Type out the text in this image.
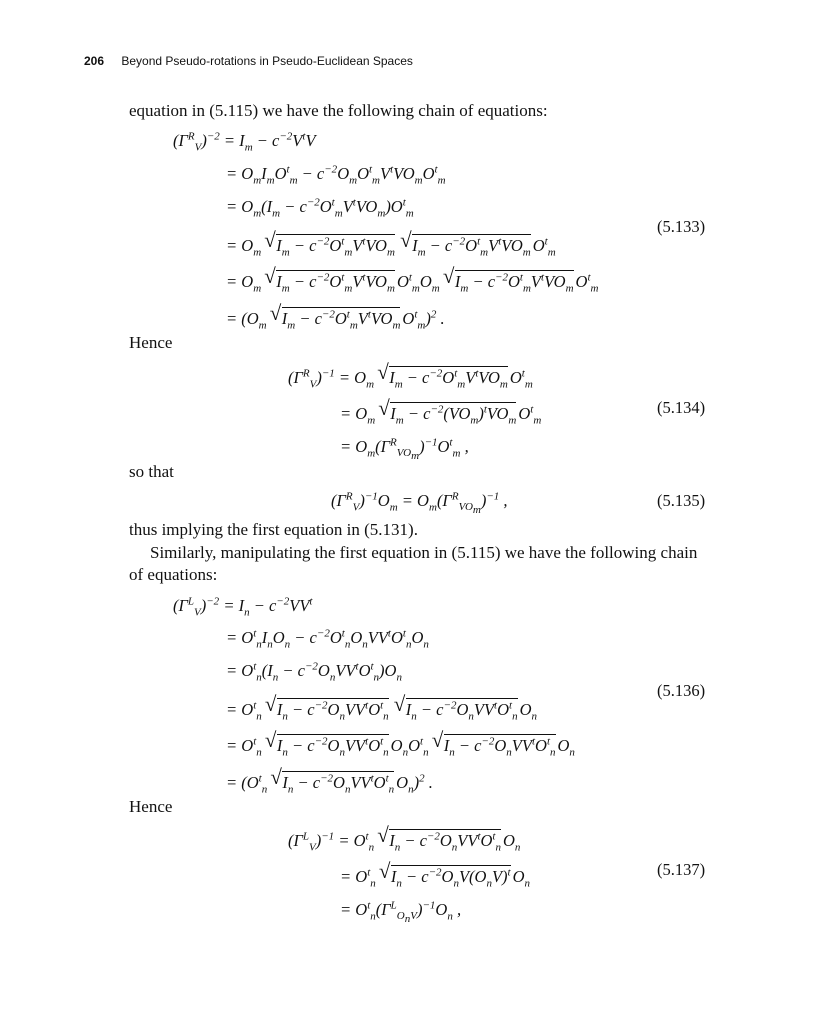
206 Beyond Pseudo-rotations in Pseudo-Euclidean Spaces
equation in (5.115) we have the following chain of equations:
$(\Gamma^R_V)^{-2} = I_m - c^{-2}V^tV$
= $O_mI_mO^t_m - c^{-2}O_mO^t_mV^tVO_mO^t_m$
= $O_m(I_m - c^{-2}O^t_mV^tVO_m)O^t_m$
= $O_m$ √ $I_m - c^{-2}O^t_mV^tVO_m$ √ $I_m - c^{-2}O^t_mV^tVO_m$ $O^t_m$
(5.133)
= $O_m$ √ $I_m - c^{-2}O^t_mV^tVO_m$ $O^t_mO_m$ √ $I_m - c^{-2}O^t_mV^tVO_m$ $O^t_m$
= ($O_m$ √ $I_m - c^{-2}O^t_mV^tVO_m$ $O^t_m)^2$ .
Hence
$(\Gamma^R_V)^{-1} = O_m$ √ $I_m - c^{-2}O^t_mV^tVO_m$ $O^t_m$
= $O_m$ √ $I_m - c^{-2}(VO_m)^tVO_m$ $O^t_m$
(5.134)
= $O_m(\Gamma^R_{VO_m})^{-1}O^t_m$ ,
so that
$(\Gamma^R_V)^{-1}O_m = O_m(\Gamma^R_{VO_m})^{-1}$ ,	(5.135)
thus implying the first equation in (5.131).
Similarly, manipulating the first equation in (5.115) we have the following chain
of equations:
$(\Gamma^L_V)^{-2} = I_n - c^{-2}VV^t$
= $O^t_nI_nO_n - c^{-2}O^t_nO_nVV^tO^t_nO_n$
= $O^t_n(I_n - c^{-2}O_nVV^tO^t_n)O_n$
(5.136)
= $O^t_n$ √ $I_n - c^{-2}O_nVV^tO^t_n$ √ $I_n - c^{-2}O_nVV^tO^t_n$ $O_n$
= $O^t_n$ √ $I_n - c^{-2}O_nVV^tO^t_n$ $O_nO^t_n$ √ $I_n - c^{-2}O_nVV^tO^t_n$ $O_n$
= ($O^t_n$ √ $I_n - c^{-2}O_nVV^tO^t_n$ $O_n)^2$ .
Hence
$(\Gamma^L_V)^{-1} = O^t_n$ √ $I_n - c^{-2}O_nVV^tO^t_n$ $O_n$
= $O^t_n$ √ $I_n - c^{-2}O_nV(O_nV)^t$ $O_n$
(5.137)
= $O^t_n(\Gamma^L_{O_nV})^{-1}O_n$ ,
